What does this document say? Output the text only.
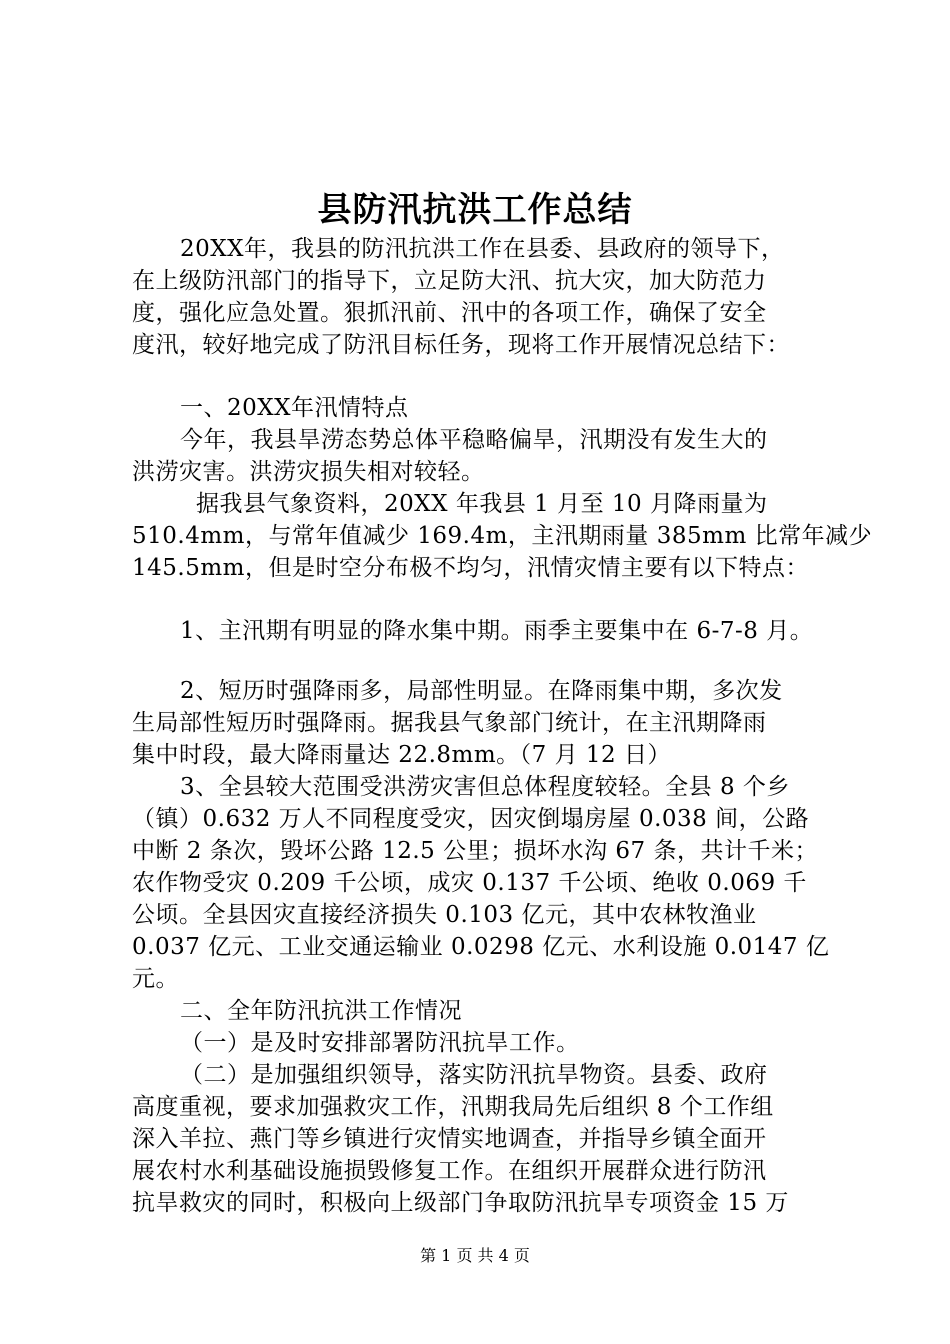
县防汛抗洪工作总结
20XX年，我县的防汛抗洪工作在县委、县政府的领导下，
在上级防汛部门的指导下，立足防大汛、抗大灾，加大防范力
度，强化应急处置。狠抓汛前、汛中的各项工作，确保了安全
度汛，较好地完成了防汛目标任务，现将工作开展情况总结下：
一、20XX年汛情特点
今年，我县旱涝态势总体平稳略偏旱，汛期没有发生大的
洪涝灾害。洪涝灾损失相对较轻。
据我县气象资料，20XX 年我县 1 月至 10 月降雨量为
510.4mm，与常年值减少 169.4m，主汛期雨量 385mm 比常年减少
145.5mm，但是时空分布极不均匀，汛情灾情主要有以下特点：
1、主汛期有明显的降水集中期。雨季主要集中在 6-7-8 月。
2、短历时强降雨多，局部性明显。在降雨集中期，多次发
生局部性短历时强降雨。据我县气象部门统计，在主汛期降雨
集中时段，最大降雨量达 22.8mm。（7 月 12 日）
3、全县较大范围受洪涝灾害但总体程度较轻。全县 8 个乡
（镇）0.632 万人不同程度受灾，因灾倒塌房屋 0.038 间，公路
中断 2 条次，毁坏公路 12.5 公里；损坏水沟 67 条，共计千米；
农作物受灾 0.209 千公顷，成灾 0.137 千公顷、绝收 0.069 千
公顷。全县因灾直接经济损失 0.103 亿元，其中农林牧渔业
0.037 亿元、工业交通运输业 0.0298 亿元、水利设施 0.0147 亿
元。
二、全年防汛抗洪工作情况
（一）是及时安排部署防汛抗旱工作。
（二）是加强组织领导，落实防汛抗旱物资。县委、政府
高度重视，要求加强救灾工作，汛期我局先后组织 8 个工作组
深入羊拉、燕门等乡镇进行灾情实地调查，并指导乡镇全面开
展农村水利基础设施损毁修复工作。在组织开展群众进行防汛
抗旱救灾的同时，积极向上级部门争取防汛抗旱专项资金 15 万
第 1 页 共 4 页
